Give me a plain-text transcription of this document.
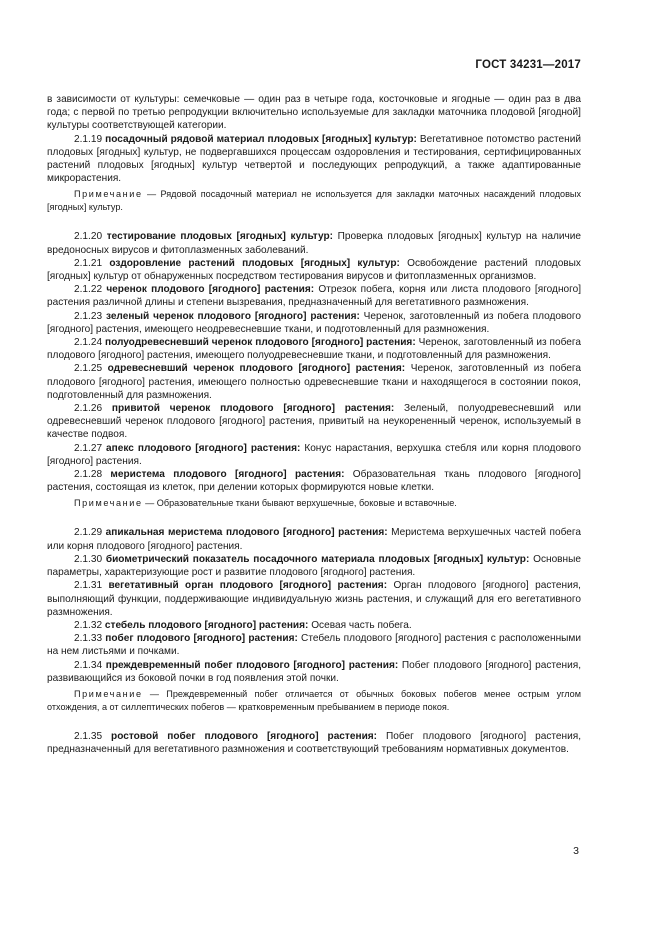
ГОСТ 34231—2017

в зависимости от культуры: семечковые — один раз в четыре года, косточковые и ягодные — один раз в два года; с первой по третью репродукции включительно используемые для закладки маточника плодовой [ягодной] культуры соответствующей категории.

2.1.19 посадочный рядовой материал плодовых [ягодных] культур: Вегетативное потомство растений плодовых [ягодных] культур, не подвергавшихся процессам оздоровления и тестирования, сертифицированных растений плодовых [ягодных] культур четвертой и последующих репродукций, а также адаптированные микрорастения.

Примечание — Рядовой посадочный материал не используется для закладки маточных насаждений плодовых [ягодных] культур.

2.1.20 тестирование плодовых [ягодных] культур: Проверка плодовых [ягодных] культур на наличие вредоносных вирусов и фитоплазменных заболеваний.

2.1.21 оздоровление растений плодовых [ягодных] культур: Освобождение растений плодовых [ягодных] культур от обнаруженных посредством тестирования вирусов и фитоплазменных организмов.

2.1.22 черенок плодового [ягодного] растения: Отрезок побега, корня или листа плодового [ягодного] растения различной длины и степени вызревания, предназначенный для вегетативного размножения.

2.1.23 зеленый черенок плодового [ягодного] растения: Черенок, заготовленный из побега плодового [ягодного] растения, имеющего неодревесневшие ткани, и подготовленный для размножения.

2.1.24 полуодревесневший черенок плодового [ягодного] растения: Черенок, заготовленный из побега плодового [ягодного] растения, имеющего полуодревесневшие ткани, и подготовленный для размножения.

2.1.25 одревесневший черенок плодового [ягодного] растения: Черенок, заготовленный из побега плодового [ягодного] растения, имеющего полностью одревесневшие ткани и находящегося в состоянии покоя, подготовленный для размножения.

2.1.26 привитой черенок плодового [ягодного] растения: Зеленый, полуодревесневший или одревесневший черенок плодового [ягодного] растения, привитый на неукорененный черенок, используемый в качестве подвоя.

2.1.27 апекс плодового [ягодного] растения: Конус нарастания, верхушка стебля или корня плодового [ягодного] растения.

2.1.28 меристема плодового [ягодного] растения: Образовательная ткань плодового [ягодного] растения, состоящая из клеток, при делении которых формируются новые клетки.

Примечание — Образовательные ткани бывают верхушечные, боковые и вставочные.

2.1.29 апикальная меристема плодового [ягодного] растения: Меристема верхушечных частей побега или корня плодового [ягодного] растения.

2.1.30 биометрический показатель посадочного материала плодовых [ягодных] культур: Основные параметры, характеризующие рост и развитие плодового [ягодного] растения.

2.1.31 вегетативный орган плодового [ягодного] растения: Орган плодового [ягодного] растения, выполняющий функции, поддерживающие индивидуальную жизнь растения, и служащий для его вегетативного размножения.

2.1.32 стебель плодового [ягодного] растения: Осевая часть побега.

2.1.33 побег плодового [ягодного] растения: Стебель плодового [ягодного] растения с расположенными на нем листьями и почками.

2.1.34 преждевременный побег плодового [ягодного] растения: Побег плодового [ягодного] растения, развивающийся из боковой почки в год появления этой почки.

Примечание — Преждевременный побег отличается от обычных боковых побегов менее острым углом отхождения, а от силлептических побегов — кратковременным пребыванием в периоде покоя.

2.1.35 ростовой побег плодового [ягодного] растения: Побег плодового [ягодного] растения, предназначенный для вегетативного размножения и соответствующий требованиям нормативных документов.

3
